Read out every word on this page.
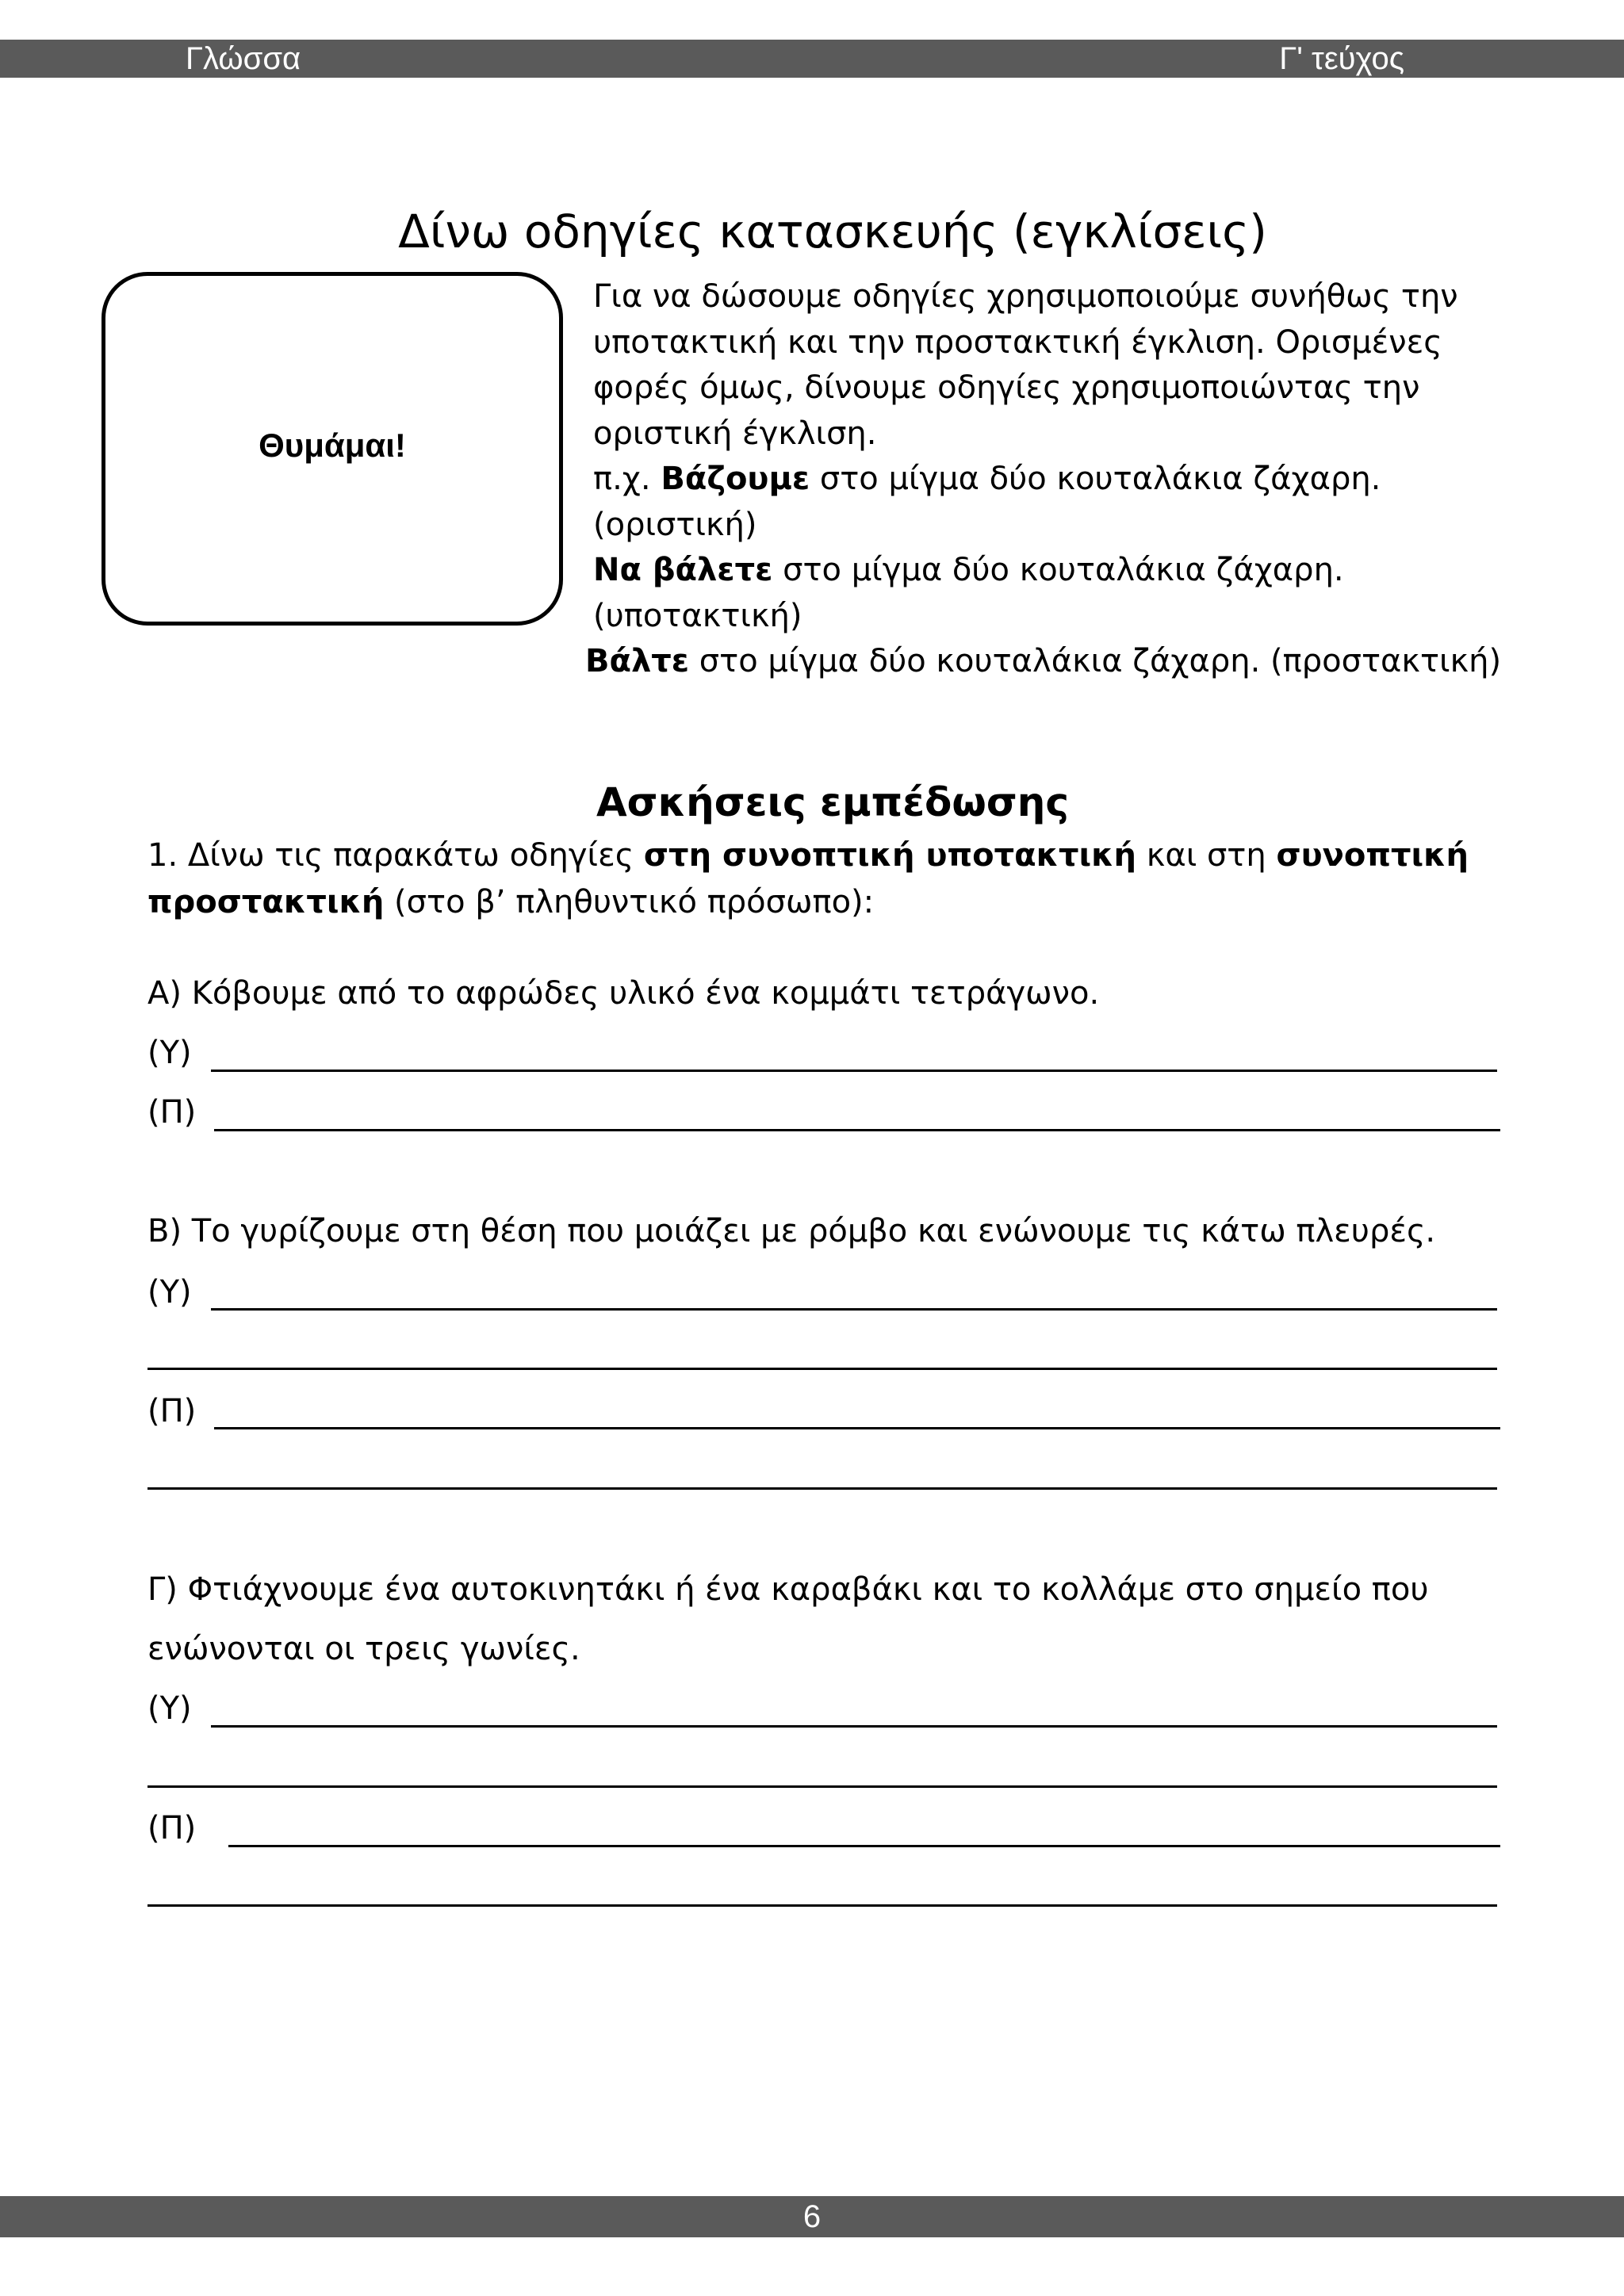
Γλώσσα	Γ' τεύχος
Δίνω οδηγίες κατασκευής (εγκλίσεις)
Θυμάμαι!
Για να δώσουμε οδηγίες χρησιμοποιούμε συνήθως την
υποτακτική και την προστακτική έγκλιση. Ορισμένες
φορές όμως, δίνουμε οδηγίες χρησιμοποιώντας την
οριστική έγκλιση.
π.χ. Βάζουμε στο μίγμα δύο κουταλάκια ζάχαρη.
(οριστική)
Να βάλετε στο μίγμα δύο κουταλάκια ζάχαρη.
(υποτακτική)
Βάλτε στο μίγμα δύο κουταλάκια ζάχαρη. (προστακτική)
Ασκήσεις εμπέδωσης
1. Δίνω τις παρακάτω οδηγίες στη συνοπτική υποτακτική και στη συνοπτική
προστακτική (στο β’ πληθυντικό πρόσωπο):
Α) Κόβουμε από το αφρώδες υλικό ένα κομμάτι τετράγωνο.
(Υ)
(Π)
Β) Το γυρίζουμε στη θέση που μοιάζει με ρόμβο και ενώνουμε τις κάτω πλευρές.
(Υ)
(Π)
Γ) Φτιάχνουμε ένα αυτοκινητάκι ή ένα καραβάκι και το κολλάμε στο σημείο που
ενώνονται οι τρεις γωνίες.
(Υ)
(Π)
6
